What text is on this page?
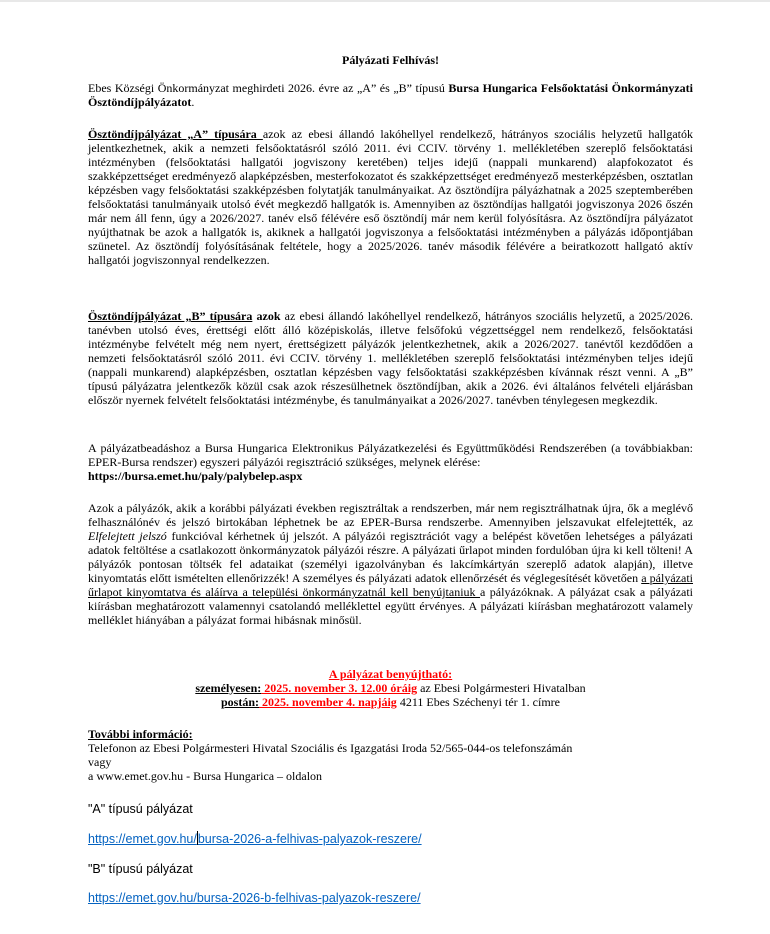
Pályázati Felhívás!

Ebes Községi Önkormányzat meghirdeti 2026. évre az „A” és „B” típusú Bursa Hungarica Felsőoktatási Önkormányzati Ösztöndíjpályázatot.

Ösztöndíjpályázat „A” típusára azok az ebesi állandó lakóhellyel rendelkező, hátrányos szociális helyzetű hallgatók jelentkezhetnek, akik a nemzeti felsőoktatásról szóló 2011. évi CCIV. törvény 1. mellékletében szereplő felsőoktatási intézményben (felsőoktatási hallgatói jogviszony keretében) teljes idejű (nappali munkarend) alapfokozatot és szakképzettséget eredményező alapképzésben, mesterfokozatot és szakképzettséget eredményező mesterképzésben, osztatlan képzésben vagy felsőoktatási szakképzésben folytatják tanulmányaikat. Az ösztöndíjra pályázhatnak a 2025 szeptemberében felsőoktatási tanulmányaik utolsó évét megkezdő hallgatók is. Amennyiben az ösztöndíjas hallgatói jogviszonya 2026 őszén már nem áll fenn, úgy a 2026/2027. tanév első félévére eső ösztöndíj már nem kerül folyósításra. Az ösztöndíjra pályázatot nyújthatnak be azok a hallgatók is, akiknek a hallgatói jogviszonya a felsőoktatási intézményben a pályázás időpontjában szünetel. Az ösztöndíj folyósításának feltétele, hogy a 2025/2026. tanév második félévére a beiratkozott hallgató aktív hallgatói jogviszonnyal rendelkezzen.

Ösztöndíjpályázat „B” típusára azok az ebesi állandó lakóhellyel rendelkező, hátrányos szociális helyzetű, a 2025/2026. tanévben utolsó éves, érettségi előtt álló középiskolás, illetve felsőfokú végzettséggel nem rendelkező, felsőoktatási intézménybe felvételt még nem nyert, érettségizett pályázók jelentkezhetnek, akik a 2026/2027. tanévtől kezdődően a nemzeti felsőoktatásról szóló 2011. évi CCIV. törvény 1. mellékletében szereplő felsőoktatási intézményben teljes idejű (nappali munkarend) alapképzésben, osztatlan képzésben vagy felsőoktatási szakképzésben kívánnak részt venni. A „B” típusú pályázatra jelentkezők közül csak azok részesülhetnek ösztöndíjban, akik a 2026. évi általános felvételi eljárásban először nyernek felvételt felsőoktatási intézménybe, és tanulmányaikat a 2026/2027. tanévben ténylegesen megkezdik.

A pályázatbeadáshoz a Bursa Hungarica Elektronikus Pályázatkezelési és Együttműködési Rendszerében (a továbbiakban: EPER-Bursa rendszer) egyszeri pályázói regisztráció szükséges, melynek elérése:
https://bursa.emet.hu/paly/palybelep.aspx

Azok a pályázók, akik a korábbi pályázati években regisztráltak a rendszerben, már nem regisztrálhatnak újra, ők a meglévő felhasználónév és jelszó birtokában léphetnek be az EPER-Bursa rendszerbe. Amennyiben jelszavukat elfelejtették, az Elfelejtett jelszó funkcióval kérhetnek új jelszót. A pályázói regisztrációt vagy a belépést követően lehetséges a pályázati adatok feltöltése a csatlakozott önkormányzatok pályázói részre. A pályázati űrlapot minden fordulóban újra ki kell tölteni! A pályázók pontosan töltsék fel adataikat (személyi igazolványban és lakcímkártyán szereplő adatok alapján), illetve kinyomtatás előtt ismételten ellenőrizzék! A személyes és pályázati adatok ellenőrzését és véglegesítését követően a pályázati űrlapot kinyomtatva és aláírva a települési önkormányzatnál kell benyújtaniuk a pályázóknak. A pályázat csak a pályázati kiírásban meghatározott valamennyi csatolandó melléklettel együtt érvényes. A pályázati kiírásban meghatározott valamely melléklet hiányában a pályázat formai hibásnak minősül.

A pályázat benyújtható:
személyesen: 2025. november 3. 12.00 óráig az Ebesi Polgármesteri Hivatalban
postán: 2025. november 4. napjáig 4211 Ebes Széchenyi tér 1. címre
További információ:
Telefonon az Ebesi Polgármesteri Hivatal Szociális és Igazgatási Iroda 52/565-044-os telefonszámán
vagy
a www.emet.gov.hu - Bursa Hungarica – oldalon
"A" típusú pályázat
https://emet.gov.hu/bursa-2026-a-felhivas-palyazok-reszere/
"B" típusú pályázat
https://emet.gov.hu/bursa-2026-b-felhivas-palyazok-reszere/
